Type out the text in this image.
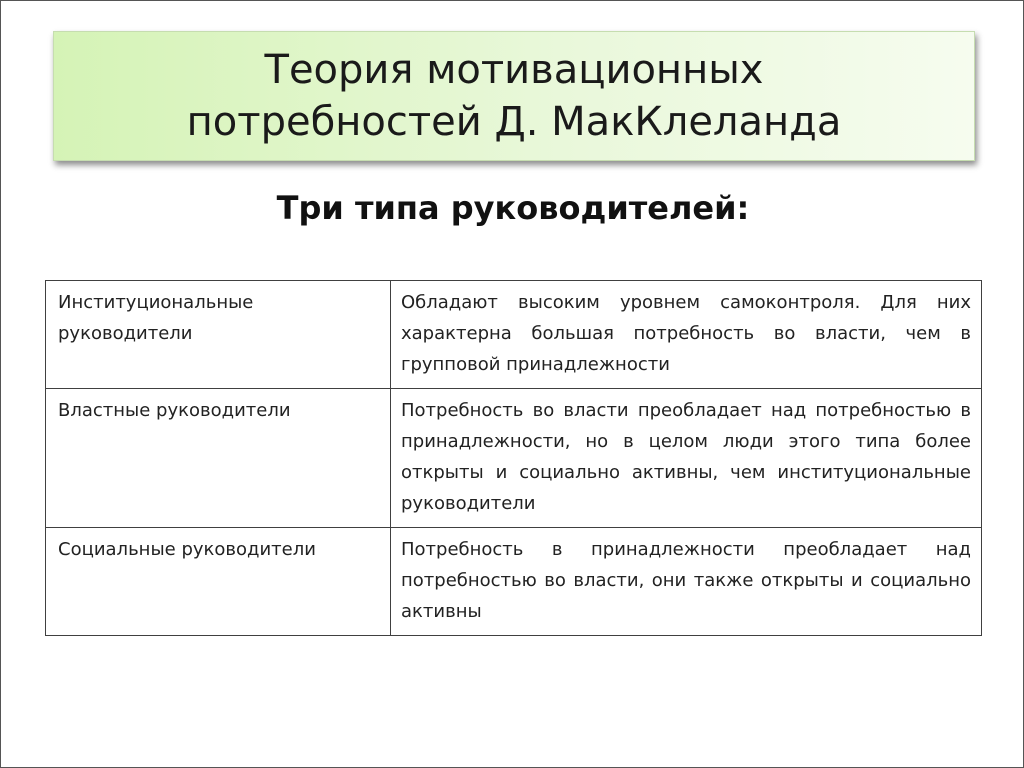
Теория мотивационных
потребностей Д. МакКлеланда
Три типа руководителей:
Институциональные руководители	Обладают высоким уровнем самоконтроля. Для них характерна большая потребность во власти, чем в групповой принадлежности
Властные руководители	Потребность во власти преобладает над потребностью в принадлежности, но в целом люди этого типа более открыты и социально активны, чем институциональные руководители
Социальные руководители	Потребность в принадлежности преобладает над потребностью во власти, они также открыты и социально активны
